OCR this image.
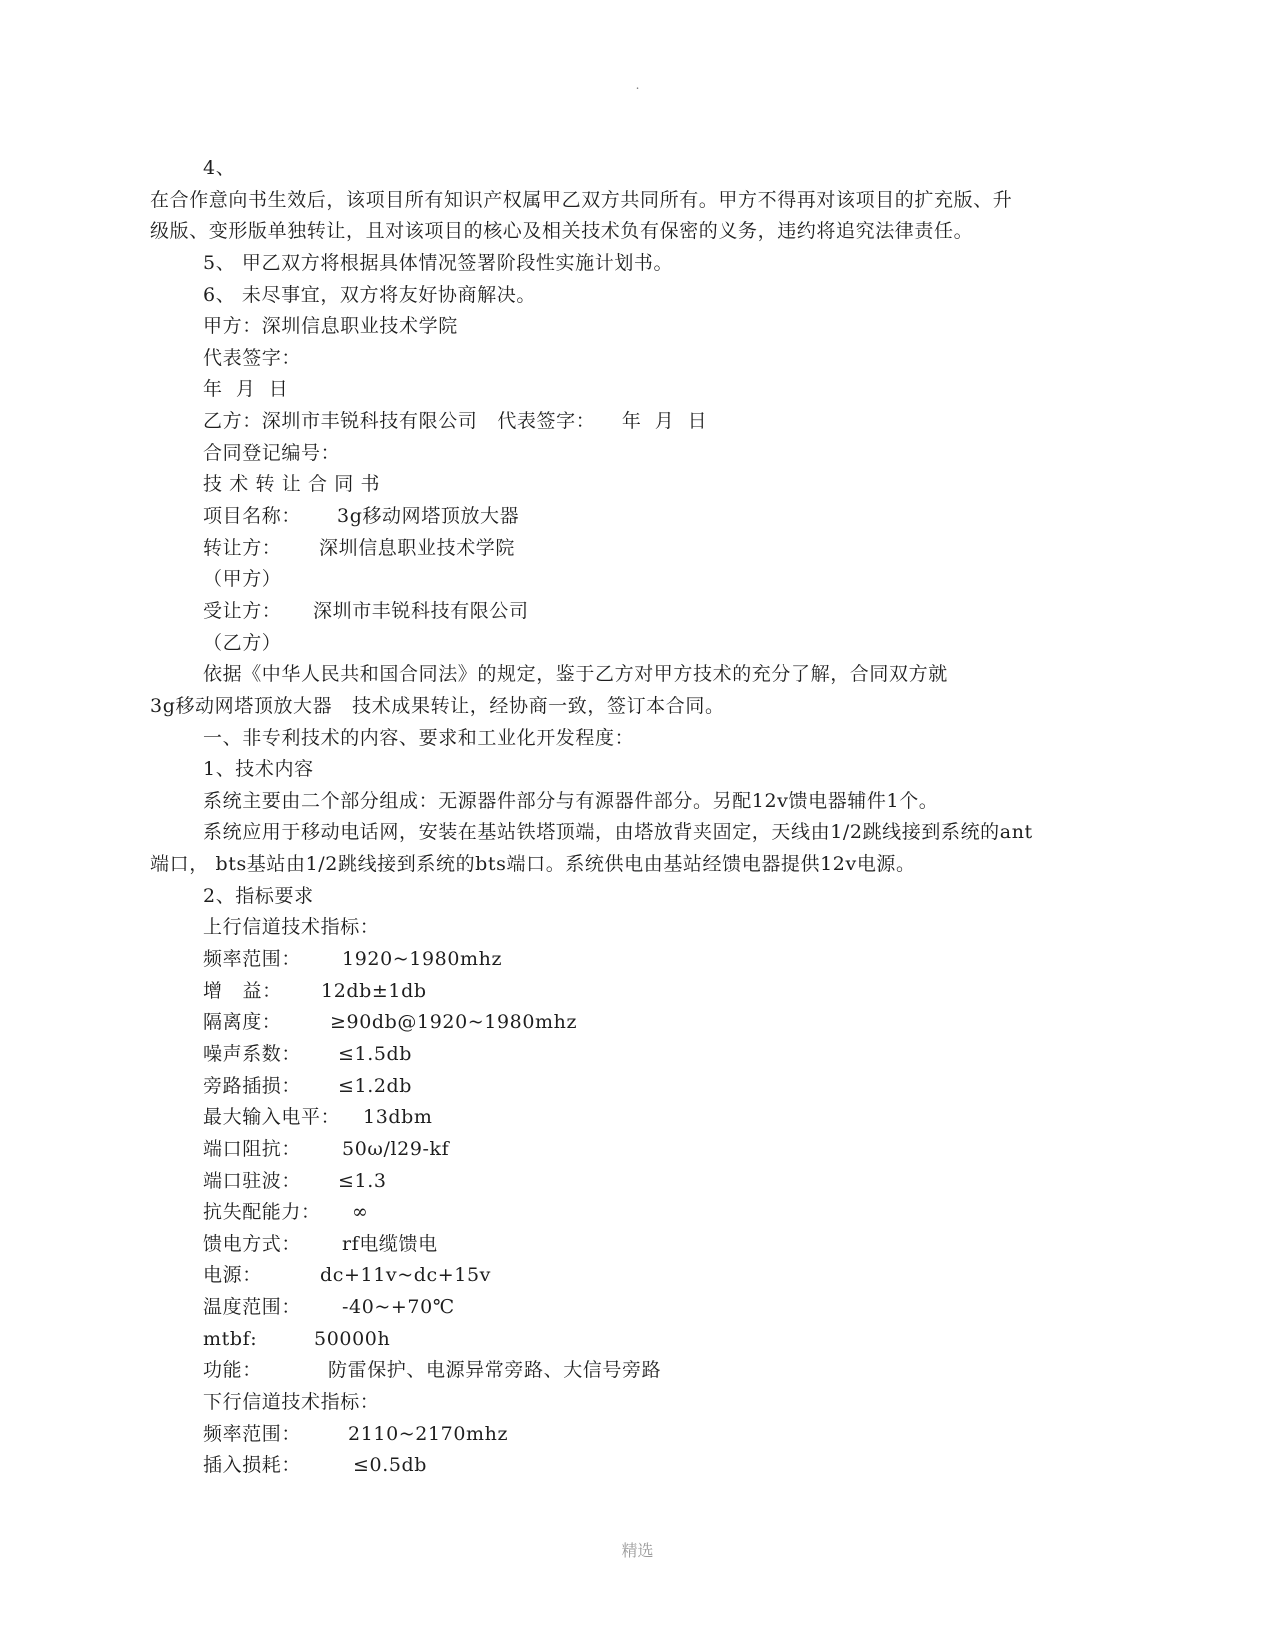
.
4、
在合作意向书生效后，该项目所有知识产权属甲乙双方共同所有。甲方不得再对该项目的扩充版、升
级版、变形版单独转让，且对该项目的核心及相关技术负有保密的义务，违约将追究法律责任。
5、 甲乙双方将根据具体情况签署阶段性实施计划书。
6、 未尽事宜，双方将友好协商解决。
甲方：深圳信息职业技术学院
代表签字：
年  月  日
乙方：深圳市丰锐科技有限公司   代表签字：    年  月  日
合同登记编号：
技 术 转 让 合 同 书
项目名称：	3g移动网塔顶放大器
转让方：	深圳信息职业技术学院
（甲方）
受让方：	深圳市丰锐科技有限公司
（乙方）
依据《中华人民共和国合同法》的规定，鉴于乙方对甲方技术的充分了解，合同双方就
3g移动网塔顶放大器   技术成果转让，经协商一致，签订本合同。
一、非专利技术的内容、要求和工业化开发程度：
1、技术内容
系统主要由二个部分组成：无源器件部分与有源器件部分。另配12v馈电器辅件1个。
系统应用于移动电话网，安装在基站铁塔顶端，由塔放背夹固定，天线由1/2跳线接到系统的ant
端口， bts基站由1/2跳线接到系统的bts端口。系统供电由基站经馈电器提供12v电源。
2、指标要求
上行信道技术指标：
频率范围：	1920~1980mhz
增   益：	12db±1db
隔离度：	≥90db@1920~1980mhz
噪声系数：	≤1.5db
旁路插损：	≤1.2db
最大输入电平：	13dbm
端口阻抗：	50ω/l29-kf
端口驻波：	≤1.3
抗失配能力：	∞
馈电方式：	rf电缆馈电
电源：	dc+11v~dc+15v
温度范围：	-40~+70℃
mtbf:	50000h
功能：	防雷保护、电源异常旁路、大信号旁路
下行信道技术指标：
频率范围：	2110~2170mhz
插入损耗：	≤0.5db
精选
